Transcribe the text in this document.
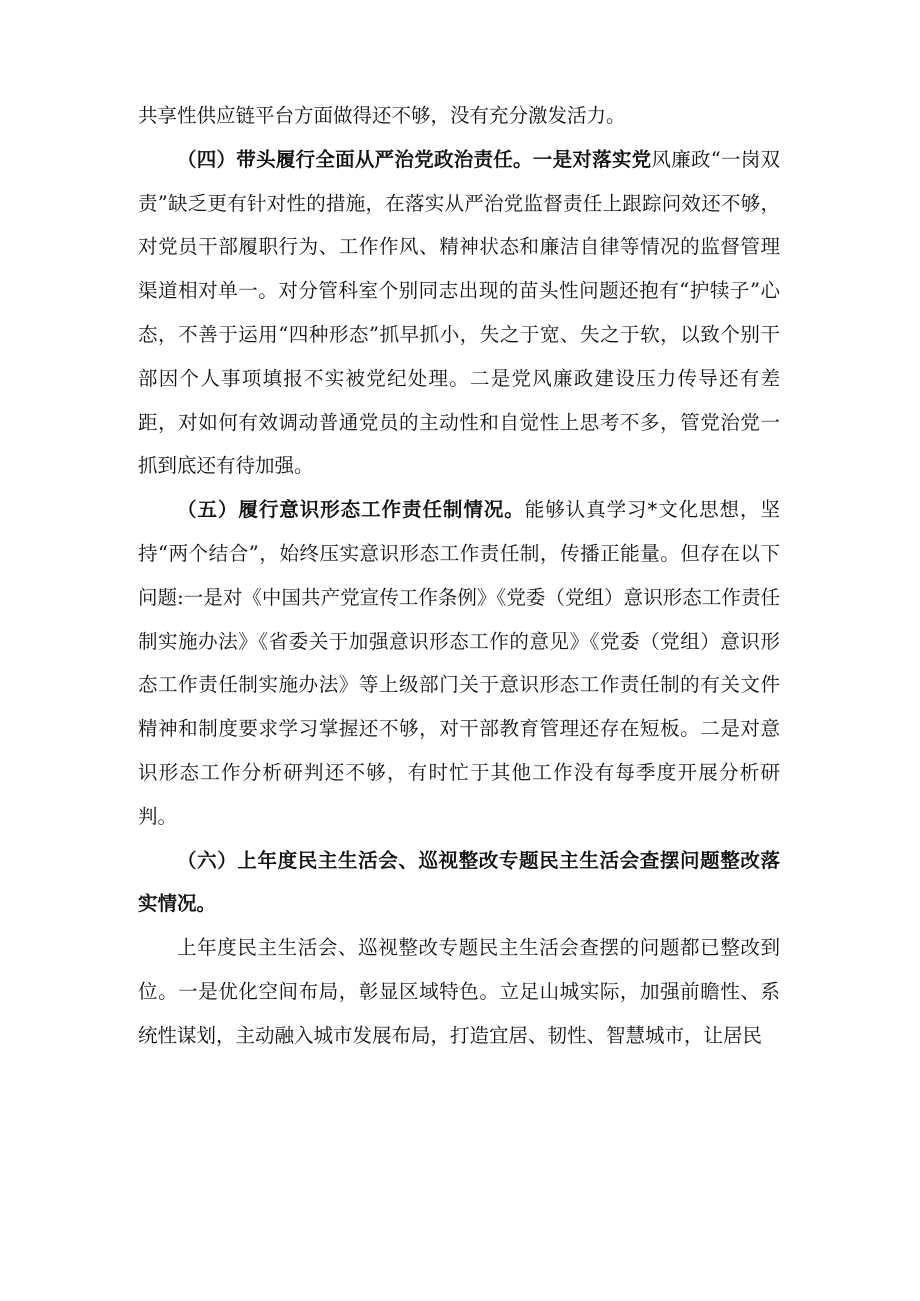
共享性供应链平台方面做得还不够，没有充分激发活力。

（四）带头履行全面从严治党政治责任。一是对落实党风廉政“一岗双责”缺乏更有针对性的措施，在落实从严治党监督责任上跟踪问效还不够，对党员干部履职行为、工作作风、精神状态和廉洁自律等情况的监督管理渠道相对单一。对分管科室个别同志出现的苗头性问题还抱有“护犊子”心态，不善于运用“四种形态”抓早抓小，失之于宽、失之于软，以致个别干部因个人事项填报不实被党纪处理。二是党风廉政建设压力传导还有差距，对如何有效调动普通党员的主动性和自觉性上思考不多，管党治党一抓到底还有待加强。

（五）履行意识形态工作责任制情况。能够认真学习*文化思想，坚持“两个结合”，始终压实意识形态工作责任制，传播正能量。但存在以下问题:一是对《中国共产党宣传工作条例》《党委（党组）意识形态工作责任制实施办法》《省委关于加强意识形态工作的意见》《党委（党组）意识形态工作责任制实施办法》等上级部门关于意识形态工作责任制的有关文件精神和制度要求学习掌握还不够，对干部教育管理还存在短板。二是对意识形态工作分析研判还不够，有时忙于其他工作没有每季度开展分析研判。

（六）上年度民主生活会、巡视整改专题民主生活会查摆问题整改落实情况。

上年度民主生活会、巡视整改专题民主生活会查摆的问题都已整改到位。一是优化空间布局，彰显区域特色。立足山城实际，加强前瞻性、系统性谋划，主动融入城市发展布局，打造宜居、韧性、智慧城市，让居民
